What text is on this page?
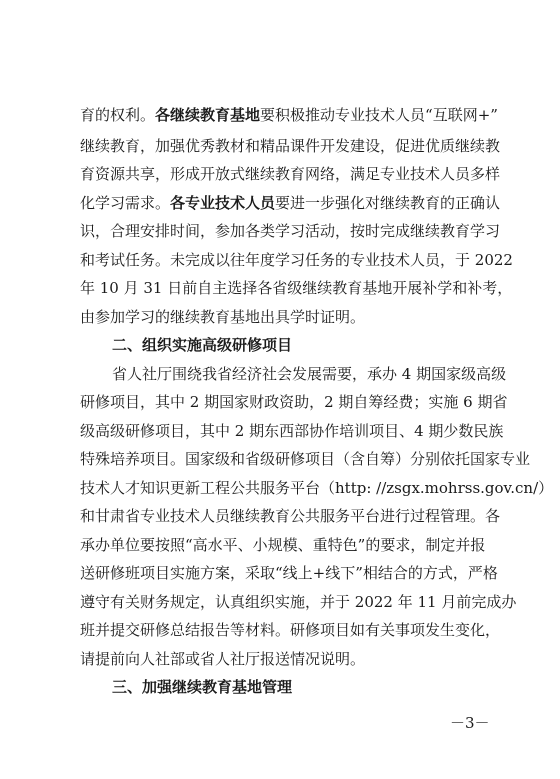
育的权利。各继续教育基地要积极推动专业技术人员“互联网+”
继续教育，加强优秀教材和精品课件开发建设，促进优质继续教
育资源共享，形成开放式继续教育网络，满足专业技术人员多样
化学习需求。各专业技术人员要进一步强化对继续教育的正确认
识，合理安排时间，参加各类学习活动，按时完成继续教育学习
和考试任务。未完成以往年度学习任务的专业技术人员，于 2022
年 10 月 31 日前自主选择各省级继续教育基地开展补学和补考，
由参加学习的继续教育基地出具学时证明。
二、组织实施高级研修项目
省人社厅围绕我省经济社会发展需要，承办 4 期国家级高级
研修项目，其中 2 期国家财政资助，2 期自筹经费；实施 6 期省
级高级研修项目，其中 2 期东西部协作培训项目、4 期少数民族
特殊培养项目。国家级和省级研修项目（含自筹）分别依托国家专业
技术人才知识更新工程公共服务平台（http: //zsgx.mohrss.gov.cn/）
和甘肃省专业技术人员继续教育公共服务平台进行过程管理。各
承办单位要按照“高水平、小规模、重特色”的要求，制定并报
送研修班项目实施方案，采取“线上+线下”相结合的方式，严格
遵守有关财务规定，认真组织实施，并于 2022 年 11 月前完成办
班并提交研修总结报告等材料。研修项目如有关事项发生变化，
请提前向人社部或省人社厅报送情况说明。
三、加强继续教育基地管理
－3－
